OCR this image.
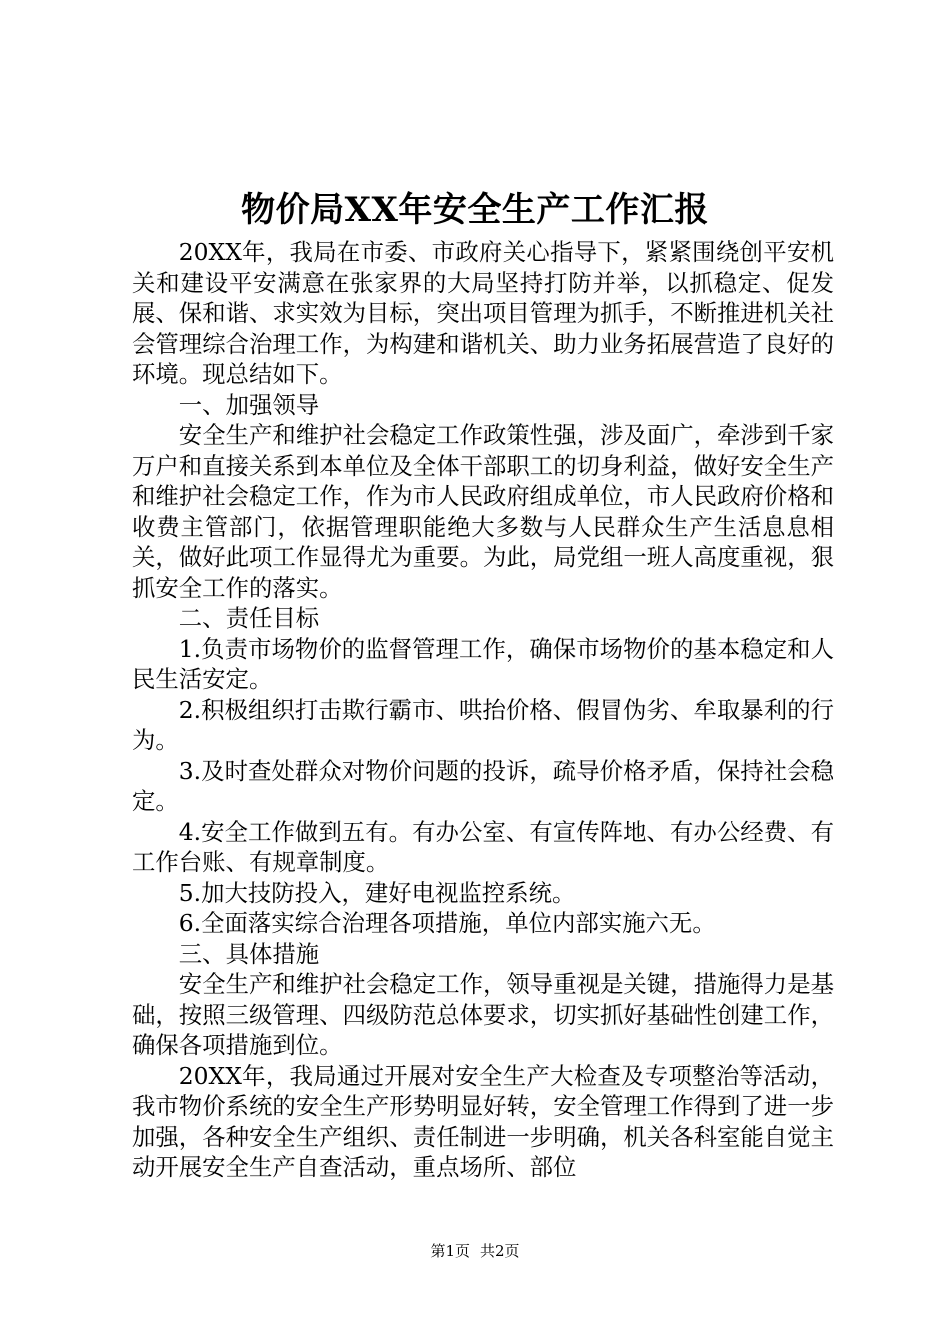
物价局XX年安全生产工作汇报

20XX年，我局在市委、市政府关心指导下，紧紧围绕创平安机关和建设平安满意在张家界的大局坚持打防并举，以抓稳定、促发展、保和谐、求实效为目标，突出项目管理为抓手，不断推进机关社会管理综合治理工作，为构建和谐机关、助力业务拓展营造了良好的环境。现总结如下。

一、加强领导

安全生产和维护社会稳定工作政策性强，涉及面广，牵涉到千家万户和直接关系到本单位及全体干部职工的切身利益，做好安全生产和维护社会稳定工作，作为市人民政府组成单位，市人民政府价格和收费主管部门，依据管理职能绝大多数与人民群众生产生活息息相关，做好此项工作显得尤为重要。为此，局党组一班人高度重视，狠抓安全工作的落实。

二、责任目标

1.负责市场物价的监督管理工作，确保市场物价的基本稳定和人民生活安定。

2.积极组织打击欺行霸市、哄抬价格、假冒伪劣、牟取暴利的行为。

3.及时查处群众对物价问题的投诉，疏导价格矛盾，保持社会稳定。

4.安全工作做到五有。有办公室、有宣传阵地、有办公经费、有工作台账、有规章制度。

5.加大技防投入，建好电视监控系统。

6.全面落实综合治理各项措施，单位内部实施六无。

三、具体措施

安全生产和维护社会稳定工作，领导重视是关键，措施得力是基础，按照三级管理、四级防范总体要求，切实抓好基础性创建工作，确保各项措施到位。

20XX年，我局通过开展对安全生产大检查及专项整治等活动，我市物价系统的安全生产形势明显好转，安全管理工作得到了进一步加强，各种安全生产组织、责任制进一步明确，机关各科室能自觉主动开展安全生产自查活动，重点场所、部位

第1页 共2页
